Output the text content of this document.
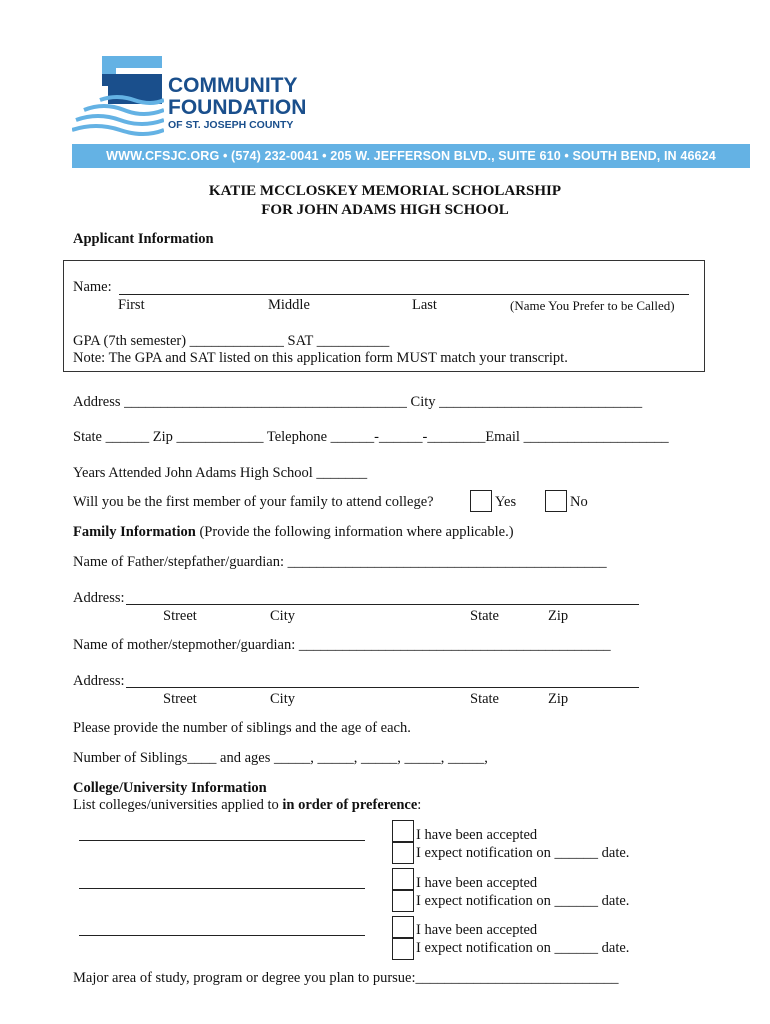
COMMUNITY
FOUNDATION
OF ST. JOSEPH COUNTY
WWW.CFSJC.ORG • (574) 232-0041 • 205 W. JEFFERSON BLVD., SUITE 610 • SOUTH BEND, IN 46624
KATIE MCCLOSKEY MEMORIAL SCHOLARSHIP
FOR JOHN ADAMS HIGH SCHOOL
Applicant Information
Name:
First	Middle	Last	(Name You Prefer to be Called)
GPA (7th semester) _____________ SAT __________
Note: The GPA and SAT listed on this application form MUST match your transcript.
Address _______________________________________ City ____________________________
State ______ Zip ____________ Telephone ______-______-________Email ____________________
Years Attended John Adams High School _______
Will you be the first member of your family to attend college?	Yes	No
Family Information (Provide the following information where applicable.)
Name of Father/stepfather/guardian: ____________________________________________
Address:
Street	City	State	Zip
Name of mother/stepmother/guardian: ___________________________________________
Address:
Street	City	State	Zip
Please provide the number of siblings and the age of each.
Number of Siblings____ and ages _____, _____, _____, _____, _____,
College/University Information
List colleges/universities applied to in order of preference:
I have been accepted
I expect notification on ______ date.
I have been accepted
I expect notification on ______ date.
I have been accepted
I expect notification on ______ date.
Major area of study, program or degree you plan to pursue:____________________________
